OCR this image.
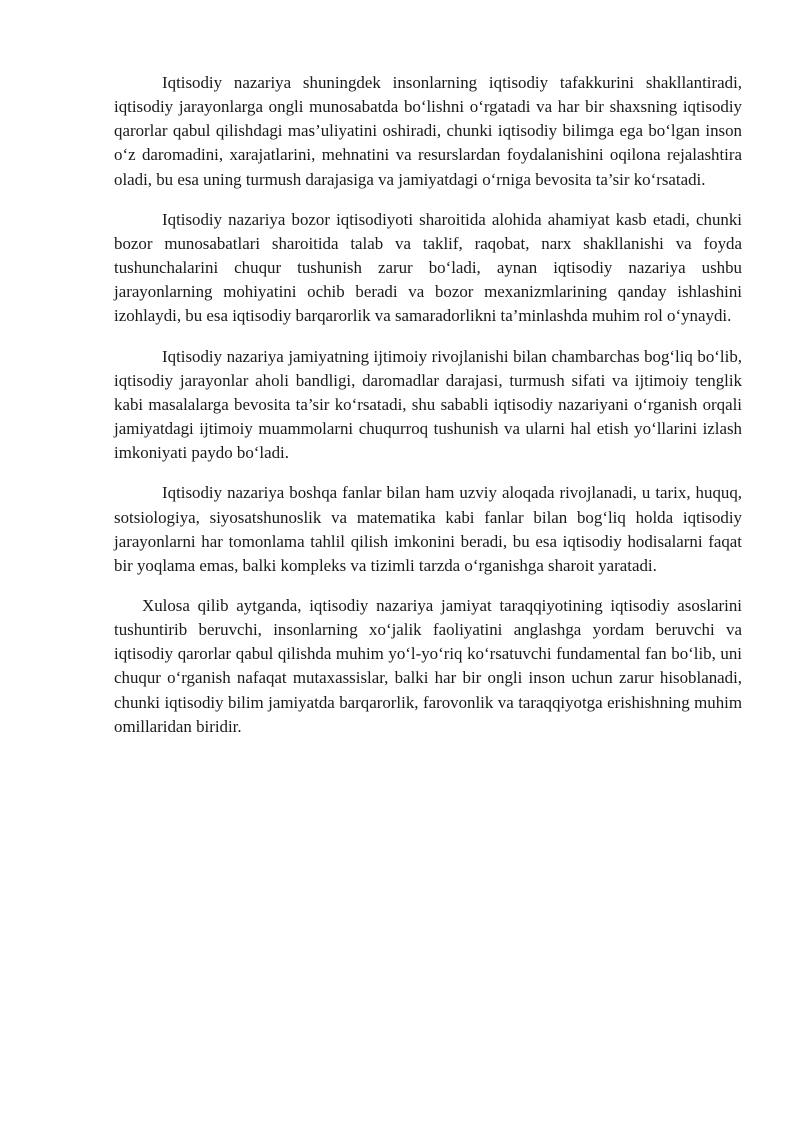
Iqtisodiy nazariya shuningdek insonlarning iqtisodiy tafakkurini shakllantiradi, iqtisodiy jarayonlarga ongli munosabatda bo‘lishni o‘rgatadi va har bir shaxsning iqtisodiy qarorlar qabul qilishdagi mas’uliyatini oshiradi, chunki iqtisodiy bilimga ega bo‘lgan inson o‘z daromadini, xarajatlarini, mehnatini va resurslardan foydalanishini oqilona rejalashtira oladi, bu esa uning turmush darajasiga va jamiyatdagi o‘rniga bevosita ta’sir ko‘rsatadi.

Iqtisodiy nazariya bozor iqtisodiyoti sharoitida alohida ahamiyat kasb etadi, chunki bozor munosabatlari sharoitida talab va taklif, raqobat, narx shakllanishi va foyda tushunchalarini chuqur tushunish zarur bo‘ladi, aynan iqtisodiy nazariya ushbu jarayonlarning mohiyatini ochib beradi va bozor mexanizmlarining qanday ishlashini izohlaydi, bu esa iqtisodiy barqarorlik va samaradorlikni ta’minlashda muhim rol o‘ynaydi.

Iqtisodiy nazariya jamiyatning ijtimoiy rivojlanishi bilan chambarchas bog‘liq bo‘lib, iqtisodiy jarayonlar aholi bandligi, daromadlar darajasi, turmush sifati va ijtimoiy tenglik kabi masalalarga bevosita ta’sir ko‘rsatadi, shu sababli iqtisodiy nazariyani o‘rganish orqali jamiyatdagi ijtimoiy muammolarni chuqurroq tushunish va ularni hal etish yo‘llarini izlash imkoniyati paydo bo‘ladi.

Iqtisodiy nazariya boshqa fanlar bilan ham uzviy aloqada rivojlanadi, u tarix, huquq, sotsiologiya, siyosatshunoslik va matematika kabi fanlar bilan bog‘liq holda iqtisodiy jarayonlarni har tomonlama tahlil qilish imkonini beradi, bu esa iqtisodiy hodisalarni faqat bir yoqlama emas, balki kompleks va tizimli tarzda o‘rganishga sharoit yaratadi.

Xulosa qilib aytganda, iqtisodiy nazariya jamiyat taraqqiyotining iqtisodiy asoslarini tushuntirib beruvchi, insonlarning xo‘jalik faoliyatini anglashga yordam beruvchi va iqtisodiy qarorlar qabul qilishda muhim yo‘l-yo‘riq ko‘rsatuvchi fundamental fan bo‘lib, uni chuqur o‘rganish nafaqat mutaxassislar, balki har bir ongli inson uchun zarur hisoblanadi, chunki iqtisodiy bilim jamiyatda barqarorlik, farovonlik va taraqqiyotga erishishning muhim omillaridan biridir.
